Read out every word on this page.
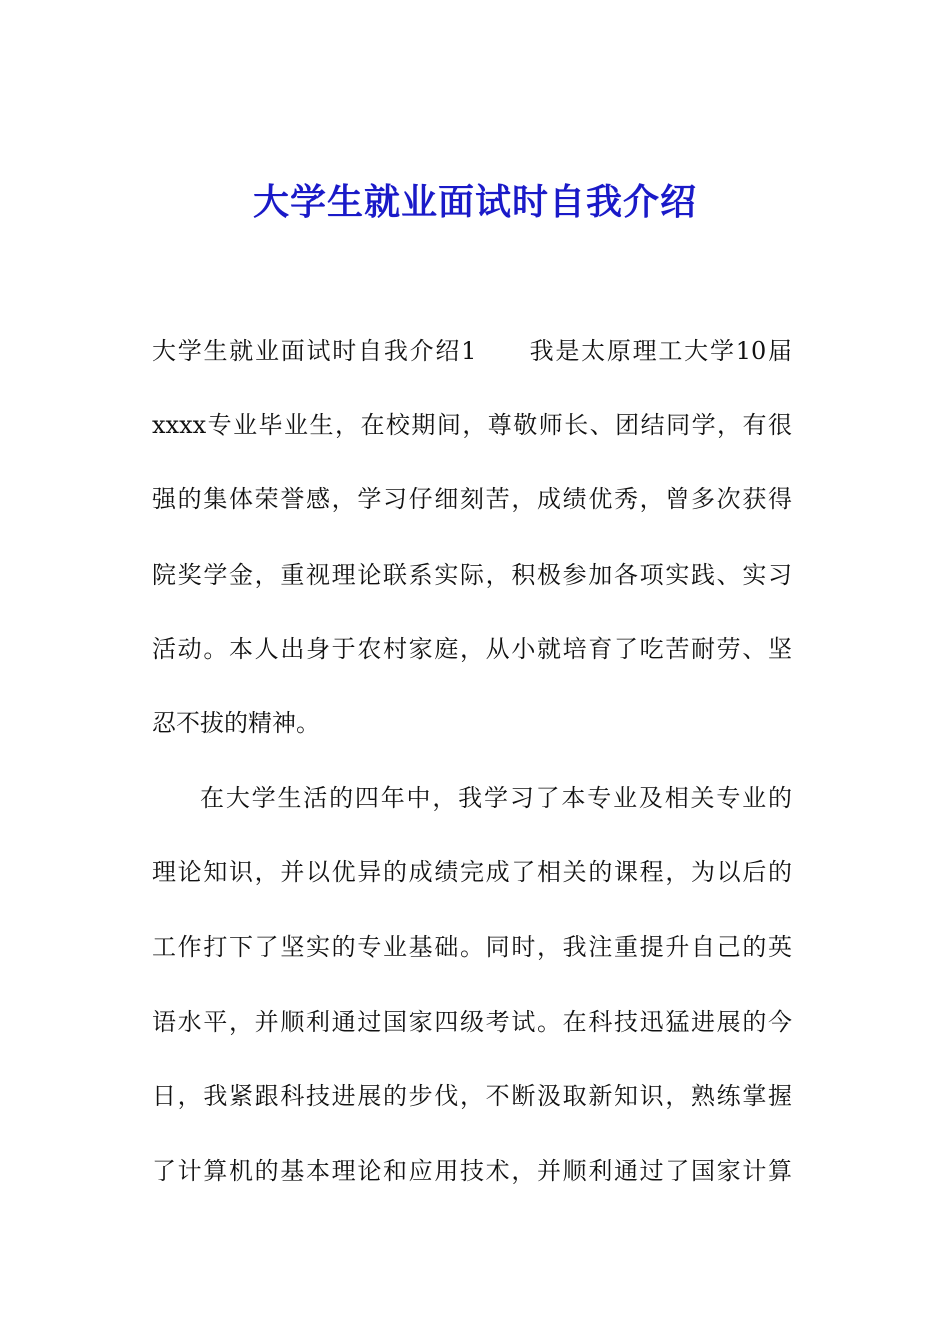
大学生就业面试时自我介绍
大学生就业面试时自我介绍1　　我是太原理工大学10届
xxxx专业毕业生，在校期间，尊敬师长、团结同学，有很
强的集体荣誉感，学习仔细刻苦，成绩优秀，曾多次获得
院奖学金，重视理论联系实际，积极参加各项实践、实习
活动。本人出身于农村家庭，从小就培育了吃苦耐劳、坚
忍不拔的精神。
在大学生活的四年中，我学习了本专业及相关专业的
理论知识，并以优异的成绩完成了相关的课程，为以后的
工作打下了坚实的专业基础。同时，我注重提升自己的英
语水平，并顺利通过国家四级考试。在科技迅猛进展的今
日，我紧跟科技进展的步伐，不断汲取新知识，熟练掌握
了计算机的基本理论和应用技术，并顺利通过了国家计算
